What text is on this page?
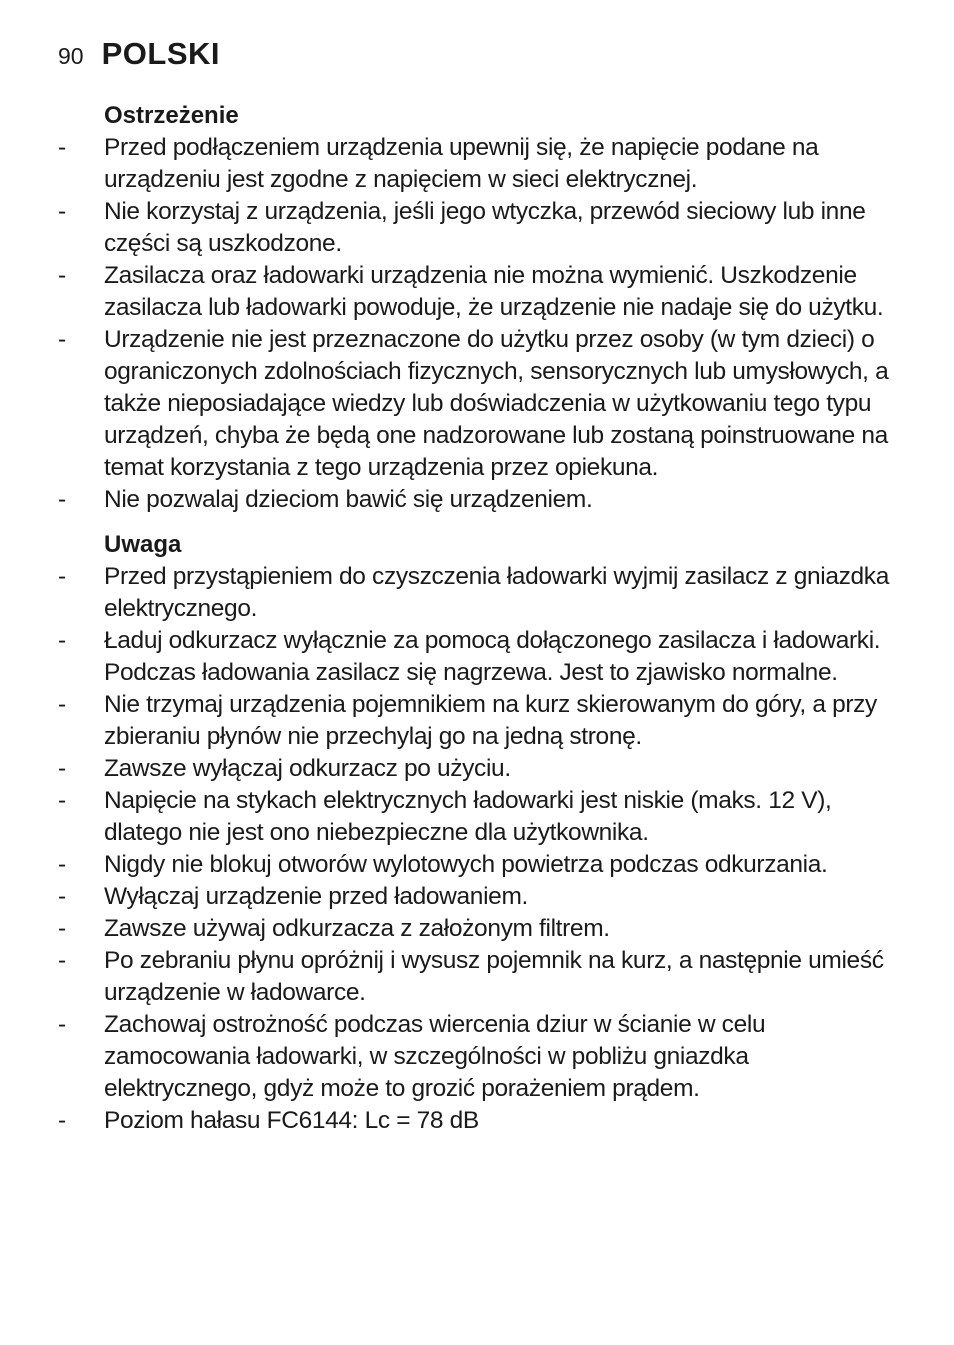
90 POLSKI
Ostrzeżenie
- Przed podłączeniem urządzenia upewnij się, że napięcie podane na urządzeniu jest zgodne z napięciem w sieci elektrycznej.
- Nie korzystaj z urządzenia, jeśli jego wtyczka, przewód sieciowy lub inne części są uszkodzone.
- Zasilacza oraz ładowarki urządzenia nie można wymienić. Uszkodzenie zasilacza lub ładowarki powoduje, że urządzenie nie nadaje się do użytku.
- Urządzenie nie jest przeznaczone do użytku przez osoby (w tym dzieci) o ograniczonych zdolnościach fizycznych, sensorycznych lub umysłowych, a także nieposiadające wiedzy lub doświadczenia w użytkowaniu tego typu urządzeń, chyba że będą one nadzorowane lub zostaną poinstruowane na temat korzystania z tego urządzenia przez opiekuna.
- Nie pozwalaj dzieciom bawić się urządzeniem.
Uwaga
- Przed przystąpieniem do czyszczenia ładowarki wyjmij zasilacz z gniazdka elektrycznego.
- Ładuj odkurzacz wyłącznie za pomocą dołączonego zasilacza i ładowarki. Podczas ładowania zasilacz się nagrzewa. Jest to zjawisko normalne.
- Nie trzymaj urządzenia pojemnikiem na kurz skierowanym do góry, a przy zbieraniu płynów nie przechylaj go na jedną stronę.
- Zawsze wyłączaj odkurzacz po użyciu.
- Napięcie na stykach elektrycznych ładowarki jest niskie (maks. 12 V), dlatego nie jest ono niebezpieczne dla użytkownika.
- Nigdy nie blokuj otworów wylotowych powietrza podczas odkurzania.
- Wyłączaj urządzenie przed ładowaniem.
- Zawsze używaj odkurzacza z założonym filtrem.
- Po zebraniu płynu opróżnij i wysusz pojemnik na kurz, a następnie umieść urządzenie w ładowarce.
- Zachowaj ostrożność podczas wiercenia dziur w ścianie w celu zamocowania ładowarki, w szczególności w pobliżu gniazdka elektrycznego, gdyż może to grozić porażeniem prądem.
- Poziom hałasu FC6144: Lc = 78 dB
